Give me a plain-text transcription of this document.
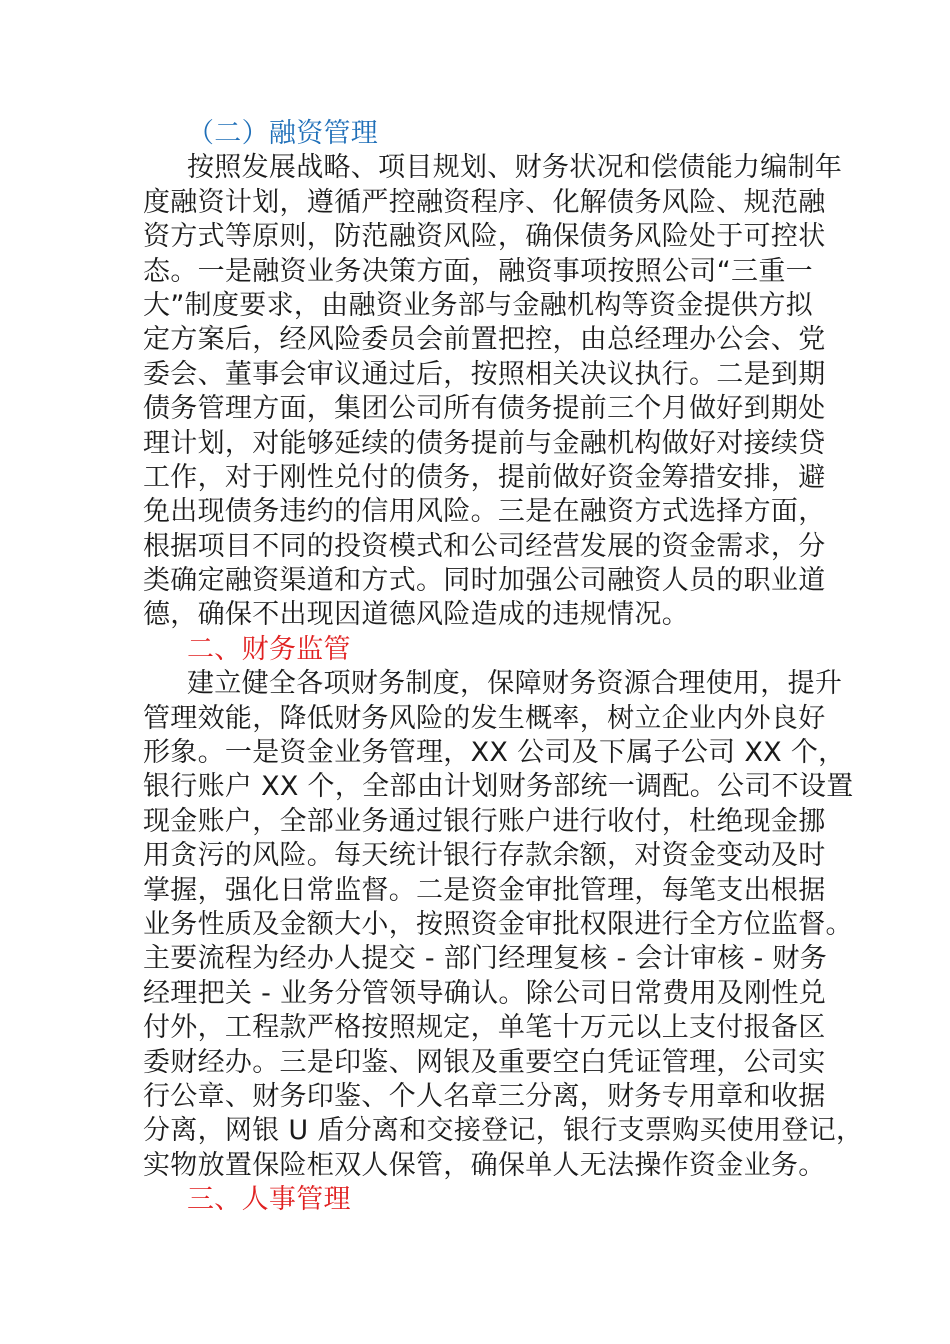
（二）融资管理
按照发展战略、项目规划、财务状况和偿债能力编制年
度融资计划，遵循严控融资程序、化解债务风险、规范融
资方式等原则，防范融资风险，确保债务风险处于可控状
态。一是融资业务决策方面，融资事项按照公司“三重一
大”制度要求，由融资业务部与金融机构等资金提供方拟
定方案后，经风险委员会前置把控，由总经理办公会、党
委会、董事会审议通过后，按照相关决议执行。二是到期
债务管理方面，集团公司所有债务提前三个月做好到期处
理计划，对能够延续的债务提前与金融机构做好对接续贷
工作，对于刚性兑付的债务，提前做好资金筹措安排，避
免出现债务违约的信用风险。三是在融资方式选择方面，
根据项目不同的投资模式和公司经营发展的资金需求，分
类确定融资渠道和方式。同时加强公司融资人员的职业道
德，确保不出现因道德风险造成的违规情况。
二、财务监管
建立健全各项财务制度，保障财务资源合理使用，提升
管理效能，降低财务风险的发生概率，树立企业内外良好
形象。一是资金业务管理，XX 公司及下属子公司 XX 个，
银行账户 XX 个，全部由计划财务部统一调配。公司不设置
现金账户，全部业务通过银行账户进行收付，杜绝现金挪
用贪污的风险。每天统计银行存款余额，对资金变动及时
掌握，强化日常监督。二是资金审批管理，每笔支出根据
业务性质及金额大小，按照资金审批权限进行全方位监督。
主要流程为经办人提交 - 部门经理复核 - 会计审核 - 财务
经理把关 - 业务分管领导确认。除公司日常费用及刚性兑
付外，工程款严格按照规定，单笔十万元以上支付报备区
委财经办。三是印鉴、网银及重要空白凭证管理，公司实
行公章、财务印鉴、个人名章三分离，财务专用章和收据
分离，网银 U 盾分离和交接登记，银行支票购买使用登记，
实物放置保险柜双人保管，确保单人无法操作资金业务。
三、人事管理
